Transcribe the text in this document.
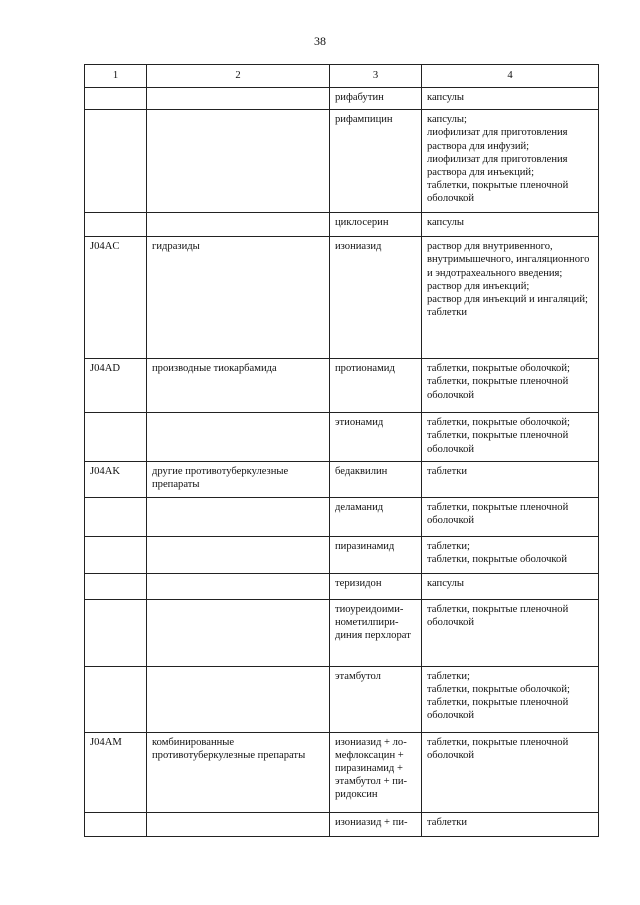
38
1	2	3	4
		рифабутин	капсулы
		рифампицин	капсулы;
лиофилизат для приготовления раствора для инфузий;
лиофилизат для приготовления раствора для инъекций;
таблетки, покрытые пленочной оболочкой
		циклосерин	капсулы
J04AC	гидразиды	изониазид	раствор для внутривенного, внутримышечного, ингаляционного и эндотрахеального введения;
раствор для инъекций;
раствор для инъекций и ингаляций;
таблетки
J04AD	производные тиокарбамида	протионамид	таблетки, покрытые оболочкой;
таблетки, покрытые пленочной оболочкой
		этионамид	таблетки, покрытые оболочкой;
таблетки, покрытые пленочной оболочкой
J04AK	другие противотуберкулезные препараты	бедаквилин	таблетки
		деламанид	таблетки, покрытые пленочной оболочкой
		пиразинамид	таблетки;
таблетки, покрытые оболочкой
		теризидон	капсулы
		тиоуреидоими-нометилпири-диния перхлорат	таблетки, покрытые пленочной оболочкой
		этамбутол	таблетки;
таблетки, покрытые оболочкой;
таблетки, покрытые пленочной оболочкой
J04AM	комбинированные противотуберкулезные препараты	изониазид + ло-мефлоксацин + пиразинамид + этамбутол + пи-ридоксин	таблетки, покрытые пленочной оболочкой
		изониазид + пи-	таблетки
